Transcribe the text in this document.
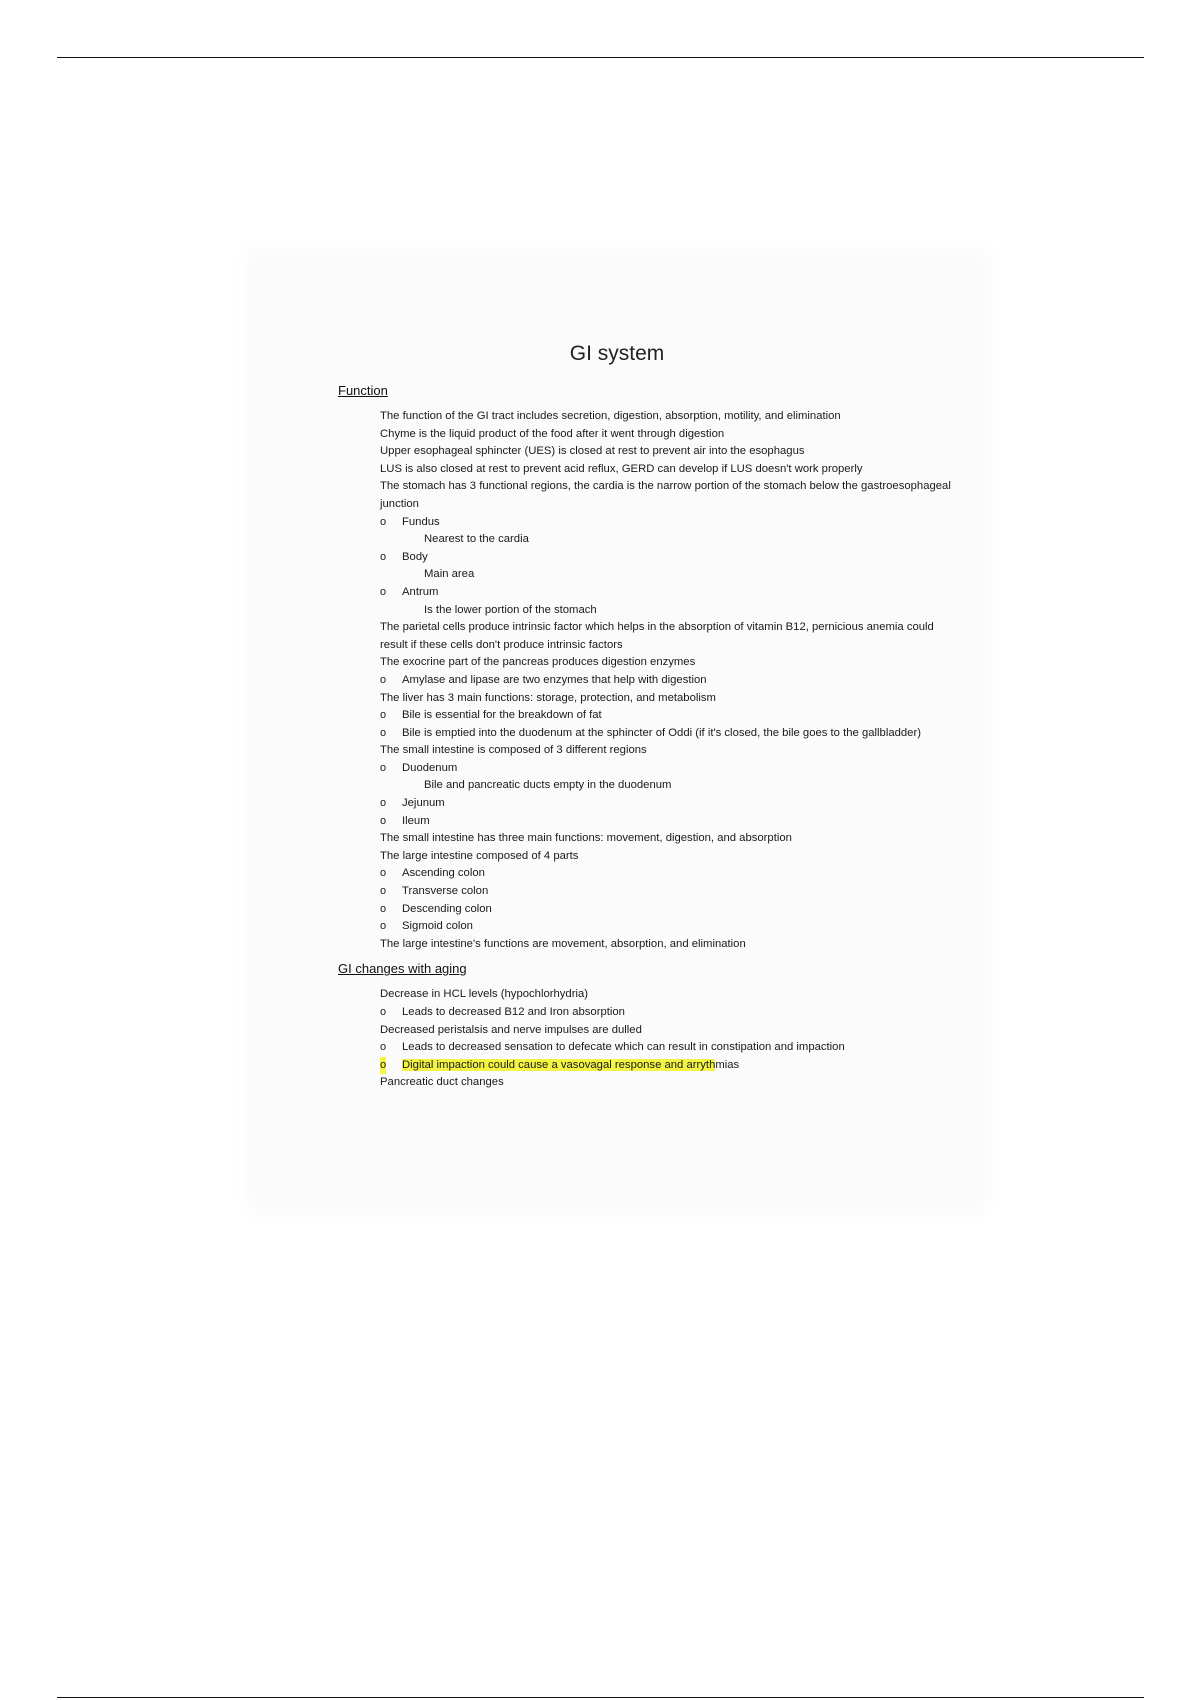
GI system
Function
The function of the GI tract includes secretion, digestion, absorption, motility, and elimination
Chyme is the liquid product of the food after it went through digestion
Upper esophageal sphincter (UES) is closed at rest to prevent air into the esophagus
LUS is also closed at rest to prevent acid reflux, GERD can develop if LUS doesn't work properly
The stomach has 3 functional regions, the cardia is the narrow portion of the stomach below the gastroesophageal junction
o Fundus
Nearest to the cardia
o Body
Main area
o Antrum
Is the lower portion of the stomach
The parietal cells produce intrinsic factor which helps in the absorption of vitamin B12, pernicious anemia could result if these cells don't produce intrinsic factors
The exocrine part of the pancreas produces digestion enzymes
o Amylase and lipase are two enzymes that help with digestion
The liver has 3 main functions: storage, protection, and metabolism
o Bile is essential for the breakdown of fat
o Bile is emptied into the duodenum at the sphincter of Oddi (if it's closed, the bile goes to the gallbladder)
The small intestine is composed of 3 different regions
o Duodenum
Bile and pancreatic ducts empty in the duodenum
o Jejunum
o Ileum
The small intestine has three main functions: movement, digestion, and absorption
The large intestine composed of 4 parts
o Ascending colon
o Transverse colon
o Descending colon
o Sigmoid colon
The large intestine's functions are movement, absorption, and elimination
GI changes with aging
Decrease in HCL levels (hypochlorhydria)
o Leads to decreased B12 and Iron absorption
Decreased peristalsis and nerve impulses are dulled
o Leads to decreased sensation to defecate which can result in constipation and impaction
o Digital impaction could cause a vasovagal response and arrythmias
Pancreatic duct changes
